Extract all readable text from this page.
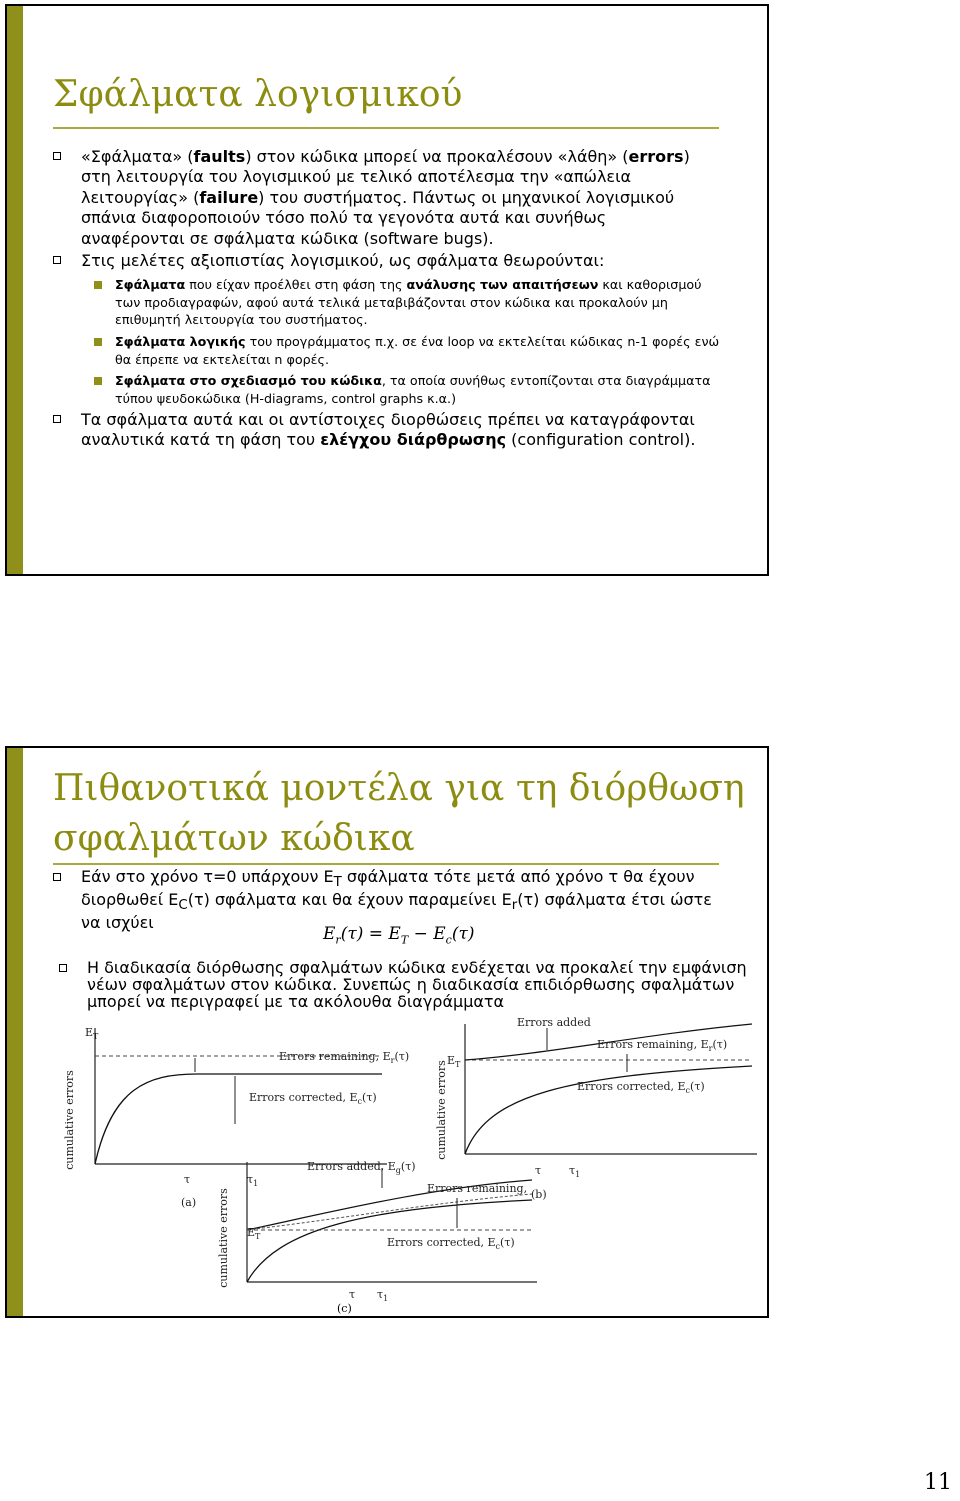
Σφάλματα λογισμικού
«Σφάλματα» (faults) στον κώδικα μπορεί να προκαλέσουν «λάθη» (errors) στη λειτουργία του λογισμικού με τελικό αποτέλεσμα την «απώλεια λειτουργίας» (failure) του συστήματος. Πάντως οι μηχανικοί λογισμικού σπάνια διαφοροποιούν τόσο πολύ τα γεγονότα αυτά και συνήθως αναφέρονται σε σφάλματα κώδικα (software bugs).
Στις μελέτες αξιοπιστίας λογισμικού, ως σφάλματα θεωρούνται:
Σφάλματα που είχαν προέλθει στη φάση της ανάλυσης των απαιτήσεων και καθορισμού των προδιαγραφών, αφού αυτά τελικά μεταβιβάζονται στον κώδικα και προκαλούν μη επιθυμητή λειτουργία του συστήματος.
Σφάλματα λογικής του προγράμματος π.χ. σε ένα loop να εκτελείται κώδικας n-1 φορές ενώ θα έπρεπε να εκτελείται n φορές.
Σφάλματα στο σχεδιασμό του κώδικα, τα οποία συνήθως εντοπίζονται στα διαγράμματα τύπου ψευδοκώδικα (H-diagrams, control graphs κ.α.)
Τα σφάλματα αυτά και οι αντίστοιχες διορθώσεις πρέπει να καταγράφονται αναλυτικά κατά τη φάση του ελέγχου διάρθρωσης (configuration control).
Πιθανοτικά μοντέλα για τη διόρθωση
σφαλμάτων κώδικα
Εάν στο χρόνο τ=0 υπάρχουν $E_T$ σφάλματα τότε μετά από χρόνο τ θα έχουν διορθωθεί $E_C(\tau)$ σφάλματα και θα έχουν παραμείνει $E_r(\tau)$ σφάλματα έτσι ώστε να ισχύει
$E_r(\tau) = E_T - E_c(\tau)$
Η διαδικασία διόρθωσης σφαλμάτων κώδικα ενδέχεται να προκαλεί την εμφάνιση νέων σφαλμάτων στον κώδικα. Συνεπώς η διαδικασία επιδιόρθωσης σφαλμάτων μπορεί να περιγραφεί με τα ακόλουθα διαγράμματα
cumulative errors
$E_T$
Errors remaining, $E_r(\tau)$
Errors corrected, $E_c(\tau)$
τ	$\tau_1$
(a)
cumulative errors $E_T$
Errors added
Errors remaining, $E_r(\tau)$
Errors corrected, $E_c(\tau)$
τ	$\tau_1$
(b)
cumulative errors $E_T$
Errors added, $E_g(\tau)$
Errors remaining,
Errors corrected, $E_c(\tau)$
τ $\tau_1$
(c)
11
